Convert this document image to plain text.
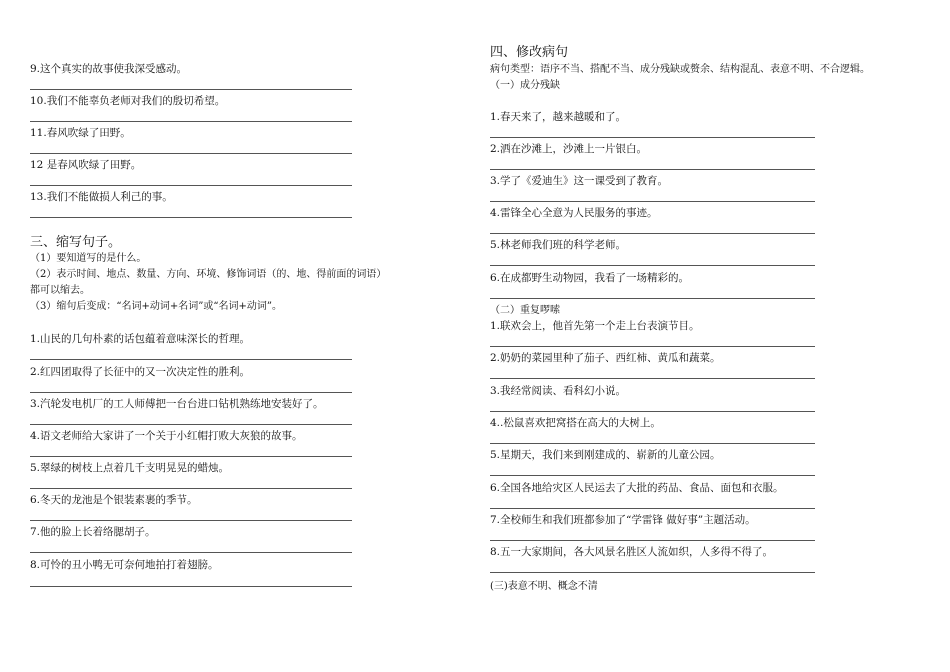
9.这个真实的故事使我深受感动。
10.我们不能辜负老师对我们的殷切希望。
11.春风吹绿了田野。
12 是春风吹绿了田野。
13.我们不能做损人利己的事。
三、缩写句子。
（1）要知道写的是什么。
（2）表示时间、地点、数量、方向、环境、修饰词语（的、地、得前面的词语）
都可以缩去。
（3）缩句后变成：“名词+动词+名词”或“名词+动词”。
1.山民的几句朴素的话包蕴着意味深长的哲理。
2.红四团取得了长征中的又一次决定性的胜利。
3.汽轮发电机厂的工人师傅把一台台进口钻机熟练地安装好了。
4.语文老师给大家讲了一个关于小红帽打败大灰狼的故事。
5.翠绿的树枝上点着几千支明晃晃的蜡烛。
6.冬天的龙池是个银装素裹的季节。
7.他的脸上长着络腮胡子。
8.可怜的丑小鸭无可奈何地拍打着翅膀。
四、修改病句
病句类型：语序不当、搭配不当、成分残缺或赘余、结构混乱、表意不明、不合逻辑。
（一）成分残缺
1.春天来了，越来越暖和了。
2.洒在沙滩上，沙滩上一片银白。
3.学了《爱迪生》这一课受到了教育。
4.雷锋全心全意为人民服务的事迹。
5.林老师我们班的科学老师。
6.在成都野生动物园，我看了一场精彩的。
（二）重复啰嗦
1.联欢会上，他首先第一个走上台表演节目。
2.奶奶的菜园里种了茄子、西红柿、黄瓜和蔬菜。
3.我经常阅读、看科幻小说。
4..松鼠喜欢把窝搭在高大的大树上。
5.星期天，我们来到刚建成的、崭新的儿童公园。
6.全国各地给灾区人民运去了大批的药品、食品、面包和衣服。
7.全校师生和我们班都参加了“学雷锋 做好事”主题活动。
8.五一大家期间，各大风景名胜区人流如织，人多得不得了。
(三)表意不明、概念不清
